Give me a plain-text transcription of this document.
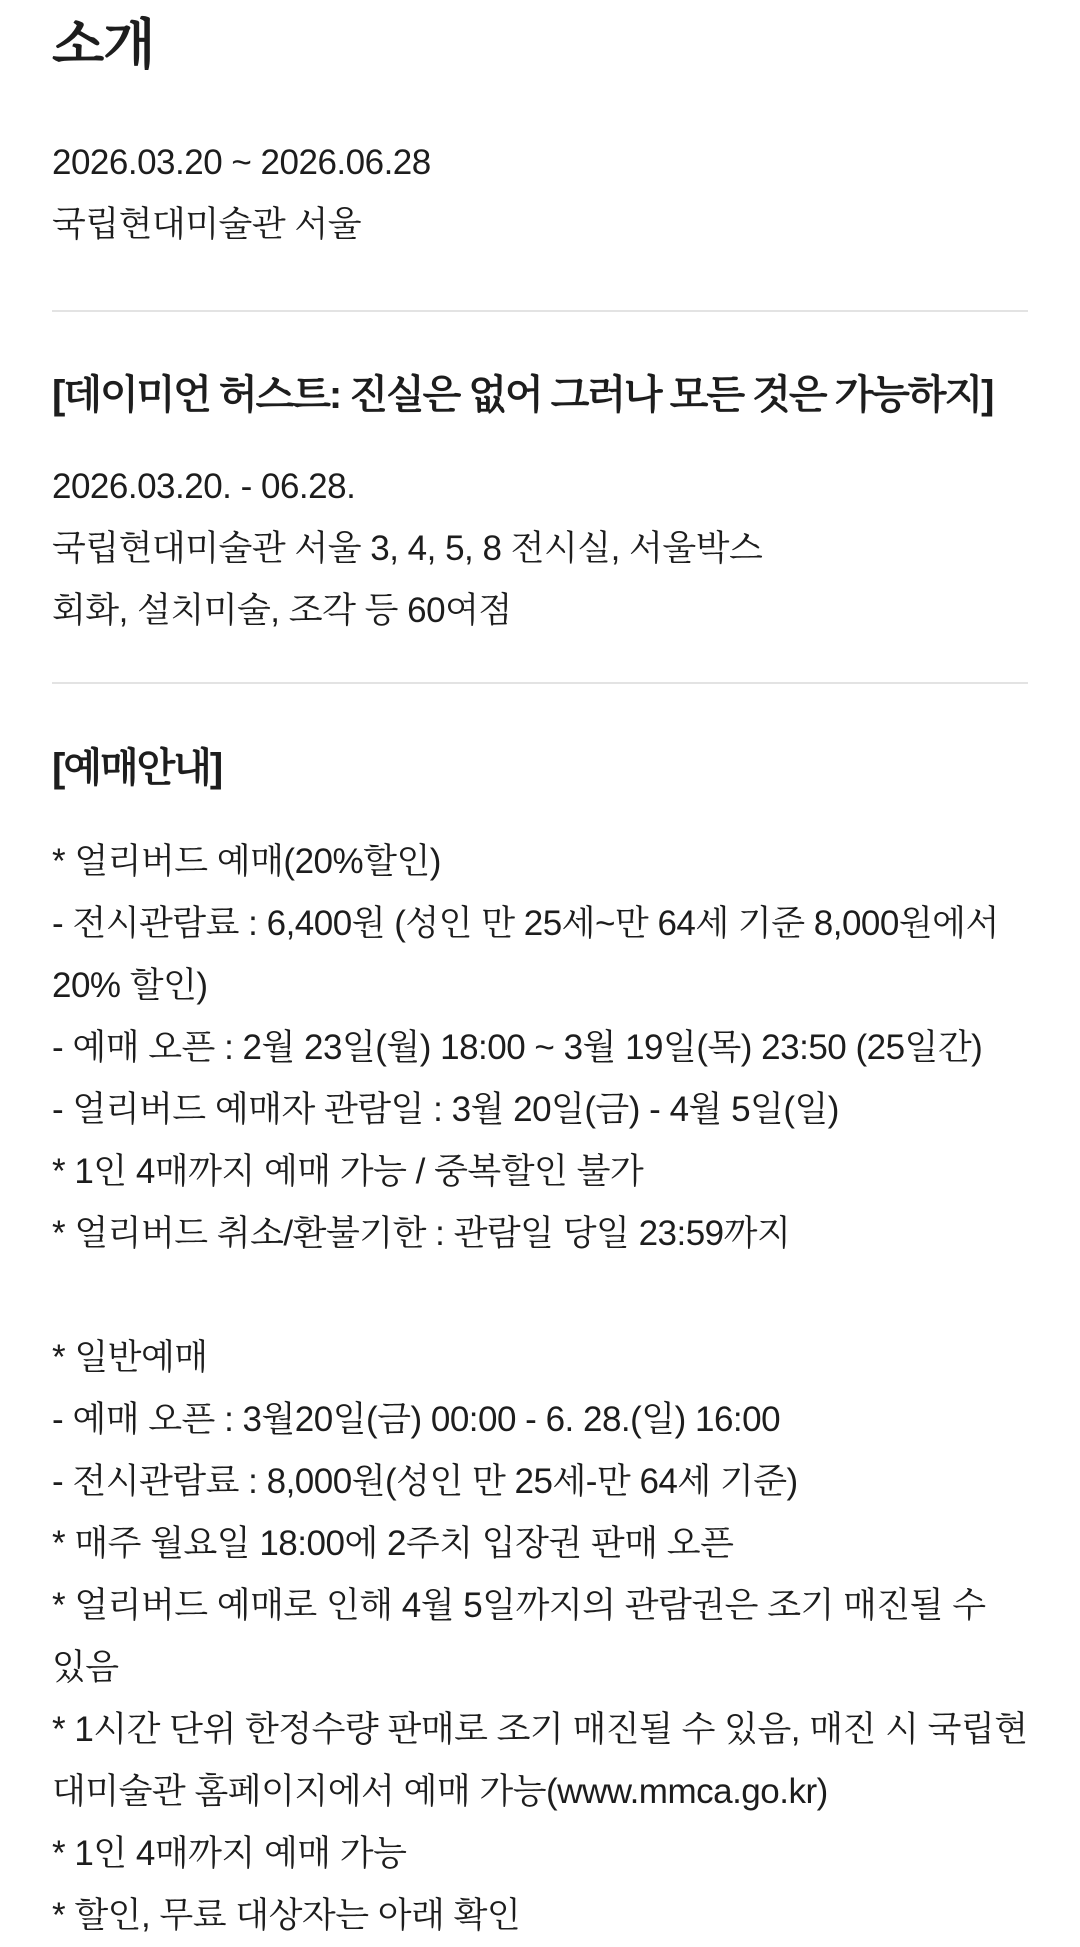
소개

2026.03.20 ~ 2026.06.28

국립현대미술관 서울

[데이미언 허스트: 진실은 없어 그러나 모든 것은 가능하지]

2026.03.20. - 06.28.

국립현대미술관 서울 3, 4, 5, 8 전시실, 서울박스

회화, 설치미술, 조각 등 60여점

[예매안내]

* 얼리버드 예매(20%할인)

- 전시관람료 : 6,400원 (성인 만 25세~만 64세 기준 8,000원에서 20% 할인)

- 예매 오픈 : 2월 23일(월) 18:00 ~ 3월 19일(목) 23:50 (25일간)

- 얼리버드 예매자 관람일 : 3월 20일(금) - 4월 5일(일)

* 1인 4매까지 예매 가능 / 중복할인 불가

* 얼리버드 취소/환불기한 : 관람일 당일 23:59까지

* 일반예매

- 예매 오픈 : 3월20일(금) 00:00 - 6. 28.(일) 16:00

- 전시관람료 : 8,000원(성인 만 25세-만 64세 기준)

* 매주 월요일 18:00에 2주치 입장권 판매 오픈

* 얼리버드 예매로 인해 4월 5일까지의 관람권은 조기 매진될 수 있음

* 1시간 단위 한정수량 판매로 조기 매진될 수 있음, 매진 시 국립현대미술관 홈페이지에서 예매 가능(www.mmca.go.kr)

* 1인 4매까지 예매 가능

* 할인, 무료 대상자는 아래 확인
